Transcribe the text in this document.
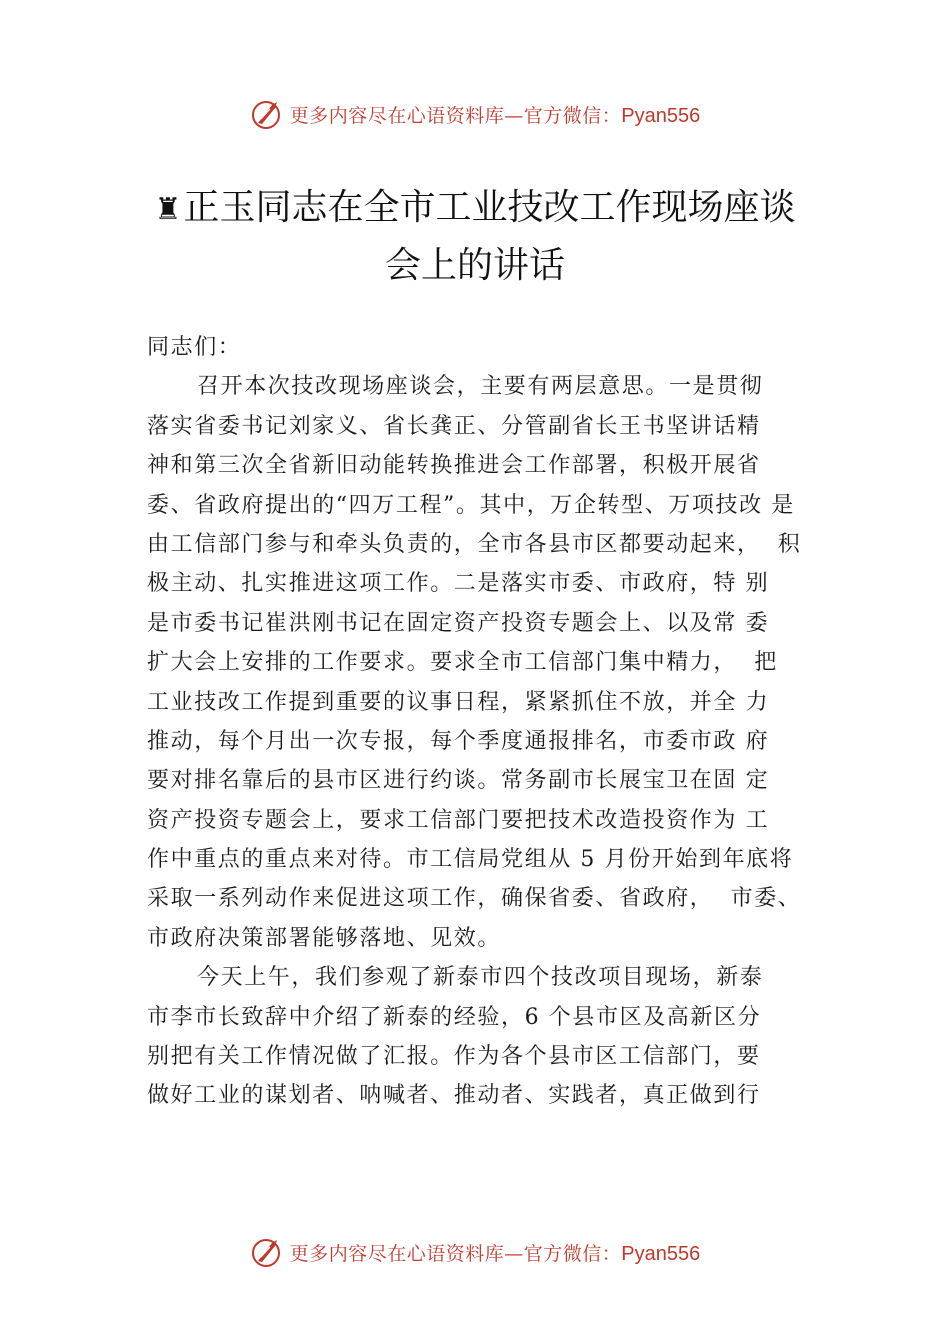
更多内容尽在心语资料库—官方微信：Pyan556
♜正玉同志在全市工业技改工作现场座谈
会上的讲话
同志们：
召开本次技改现场座谈会，主要有两层意思。一是贯彻
落实省委书记刘家义、省长龚正、分管副省长王书坚讲话精
神和第三次全省新旧动能转换推进会工作部署，积极开展省
委、省政府提出的“四万工程”。其中，万企转型、万项技改 是
由工信部门参与和牵头负责的，全市各县市区都要动起来，  积
极主动、扎实推进这项工作。二是落实市委、市政府，特 别
是市委书记崔洪刚书记在固定资产投资专题会上、以及常 委
扩大会上安排的工作要求。要求全市工信部门集中精力，  把
工业技改工作提到重要的议事日程，紧紧抓住不放，并全 力
推动，每个月出一次专报，每个季度通报排名，市委市政 府
要对排名靠后的县市区进行约谈。常务副市长展宝卫在固 定
资产投资专题会上，要求工信部门要把技术改造投资作为 工
作中重点的重点来对待。市工信局党组从 5 月份开始到年底将
采取一系列动作来促进这项工作，确保省委、省政府，  市委、
市政府决策部署能够落地、见效。
今天上午，我们参观了新泰市四个技改项目现场，新泰
市李市长致辞中介绍了新泰的经验，6 个县市区及高新区分
别把有关工作情况做了汇报。作为各个县市区工信部门，要
做好工业的谋划者、呐喊者、推动者、实践者，真正做到行
更多内容尽在心语资料库—官方微信：Pyan556
